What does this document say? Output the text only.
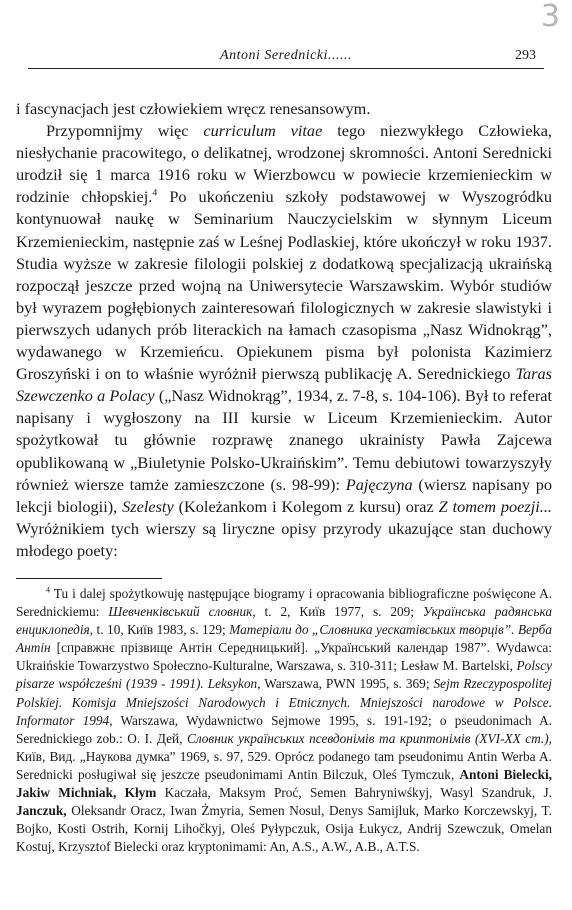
3
Antoni Serednicki......	293

i fascynacjach jest człowiekiem wręcz renesansowym.

Przypomnijmy więc curriculum vitae tego niezwykłego Człowieka, niesłychanie pracowitego, o delikatnej, wrodzonej skromności. Antoni Serednicki urodził się 1 marca 1916 roku w Wierzbowcu w powiecie krzemienieckim w rodzinie chłopskiej.$^4$ Po ukończeniu szkoły podstawowej w Wyszogródku kontynuował naukę w Seminarium Nauczycielskim w słynnym Liceum Krzemienieckim, następnie zaś w Leśnej Podlaskiej, które ukończył w roku 1937. Studia wyższe w zakresie filologii polskiej z dodatkową specjalizacją ukraińską rozpoczął jeszcze przed wojną na Uniwersytecie Warszawskim. Wybór studiów był wyrazem pogłębionych zainteresowań filologicznych w zakresie slawistyki i pierwszych udanych prób literackich na łamach czasopisma „Nasz Widnokrąg”, wydawanego w Krzemieńcu. Opiekunem pisma był polonista Kazimierz Groszyński i on to właśnie wyróżnił pierwszą publikację A. Serednickiego Taras Szewczenko a Polacy („Nasz Widnokrąg”, 1934, z. 7-8, s. 104-106). Był to referat napisany i wygłoszony na III kursie w Liceum Krzemienieckim. Autor spożytkował tu głównie rozprawę znanego ukrainisty Pawła Zajcewa opublikowaną w „Biuletynie Polsko-Ukraińskim”. Temu debiutowi towarzyszyły również wiersze tamże zamieszczone (s. 98-99): Pajęczyna (wiersz napisany po lekcji biologii), Szelesty (Koleżankom i Kolegom z kursu) oraz Z tomem poezji... Wyróżnikiem tych wierszy są liryczne opisy przyrody ukazujące stan duchowy młodego poety:

$^4$ Tu i dalej spożytkowuję następujące biogramy i opracowania bibliograficzne poświęcone A. Serednickiemu: Шевченківський словник, t. 2, Київ 1977, s. 209; Українська радянська енциклопедія, t. 10, Київ 1983, s. 129; Матеріали до „Словника уескатівських творців”. Верба Антін [справжнє прізвище Антін Середницький]. „Український календар 1987”. Wydawca: Ukraińskie Towarzystwo Społeczno-Kulturalne, Warszawa, s. 310-311; Lesław M. Bartelski, Polscy pisarze współcześni (1939 - 1991). Leksykon, Warszawa, PWN 1995, s. 369; Sejm Rzeczypospolitej Polskiej. Komisja Mniejszości Narodowych i Etnicznych. Mniejszości narodowe w Polsce. Informator 1994, Warszawa, Wydawnictwo Sejmowe 1995, s. 191-192; o pseudonimach A. Serednickiego zob.: O. I. Дей, Словник українських псевдонімів та криптонімів (XVI-XX ст.), Київ, Вид. „Наукова думка” 1969, s. 97, 529. Oprócz podanego tam pseudonimu Antin Werba A. Serednicki posługiwał się jeszcze pseudonimami Antin Bilczuk, Oleś Tymczuk, Antoni Bielecki, Jakiw Michniak, Kłym Kaczała, Maksym Proć, Semen Bahryniwśkyj, Wasyl Szandruk, J. Janczuk, Oleksandr Oracz, Iwan Żmyria, Semen Nosul, Denys Samijluk, Marko Korczewskyj, T. Bojko, Kosti Ostrih, Kornij Lihočkyj, Oleś Pyłypczuk, Osija Łukycz, Andrij Szewczuk, Omelan Kostuj, Krzysztof Bielecki oraz kryptonimami: An, A.S., A.W., A.B., A.T.S.
